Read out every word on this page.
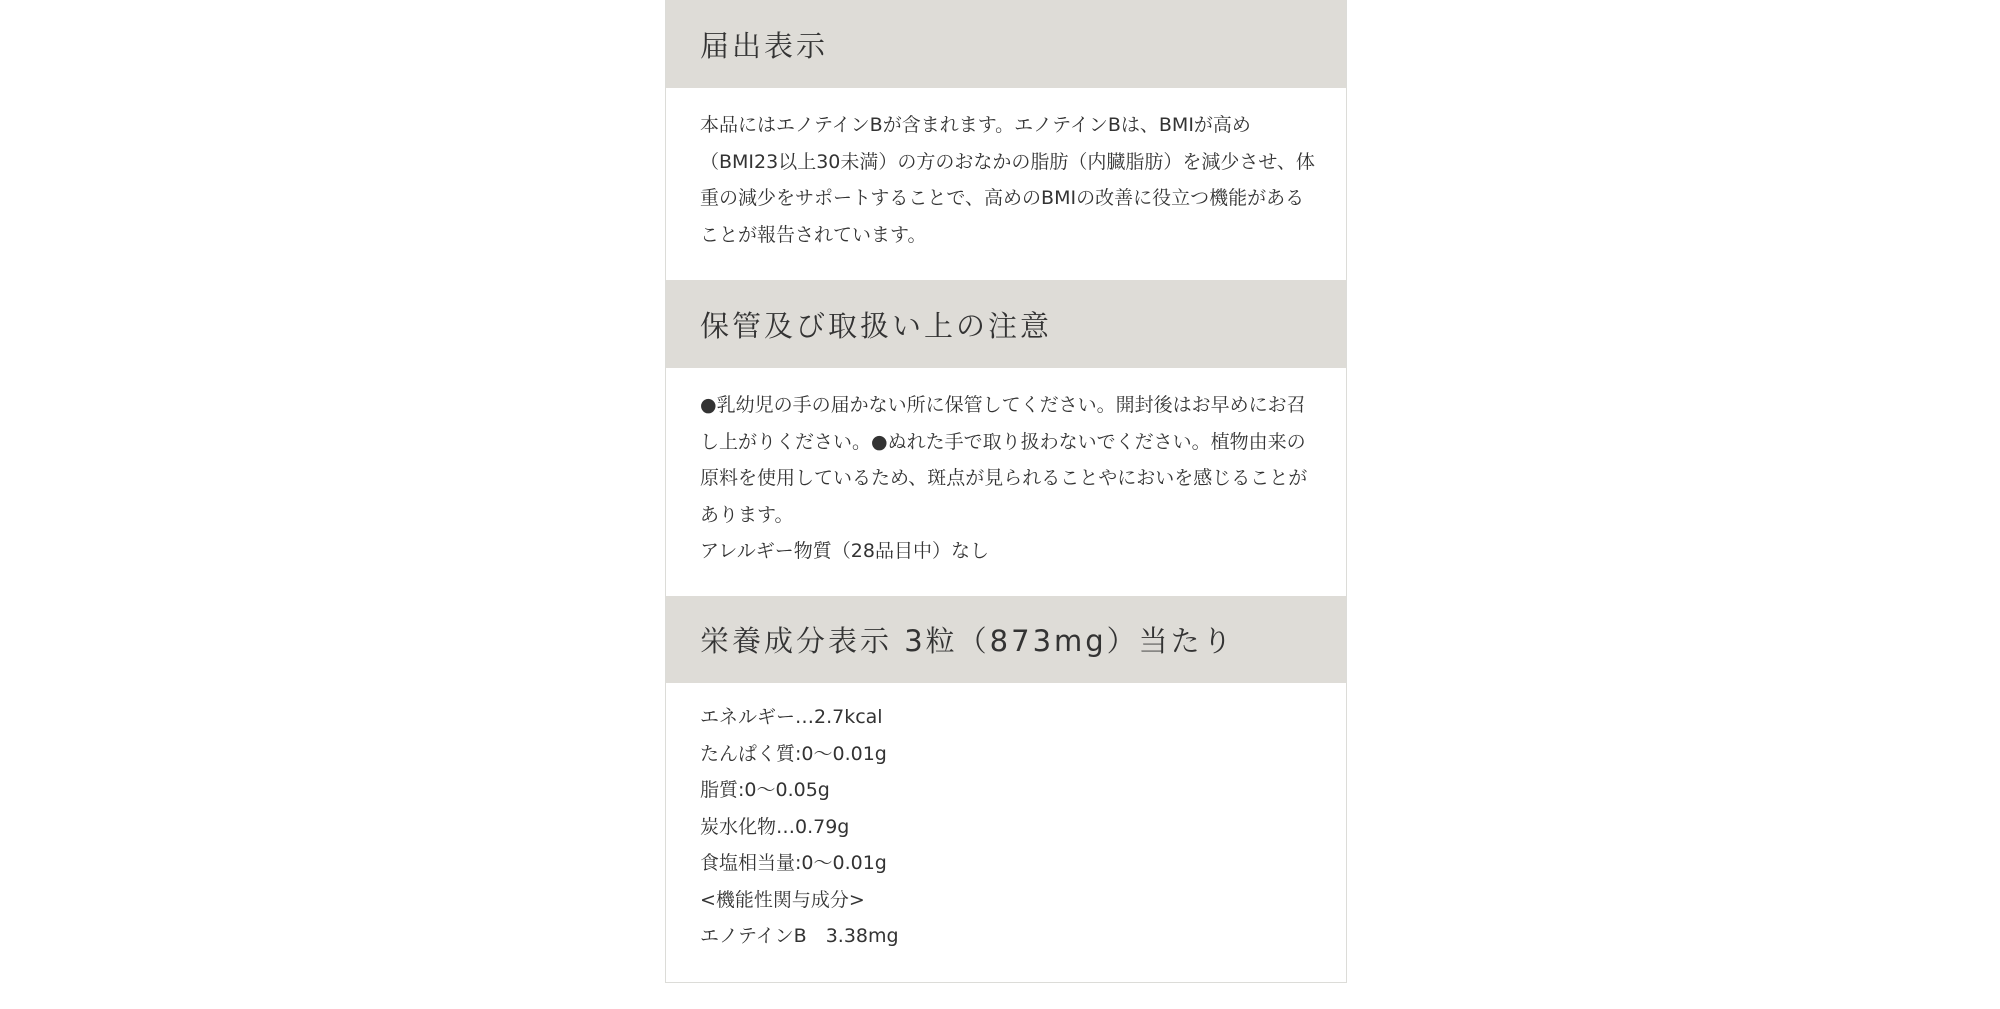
届出表示

本品にはエノテインBが含まれます。エノテインBは、BMIが高め（BMI23以上30未満）の方のおなかの脂肪（内臓脂肪）を減少させ、体重の減少をサポートすることで、高めのBMIの改善に役立つ機能があることが報告されています。

保管及び取扱い上の注意

●乳幼児の手の届かない所に保管してください。開封後はお早めにお召し上がりください。●ぬれた手で取り扱わないでください。植物由来の原料を使用しているため、斑点が見られることやにおいを感じることがあります。

アレルギー物質（28品目中）なし

栄養成分表示 3粒（873mg）当たり

エネルギー…2.7kcal

たんぱく質:0〜0.01g

脂質:0〜0.05g

炭水化物…0.79g

食塩相当量:0〜0.01g

<機能性関与成分>

エノテインB　3.38mg
